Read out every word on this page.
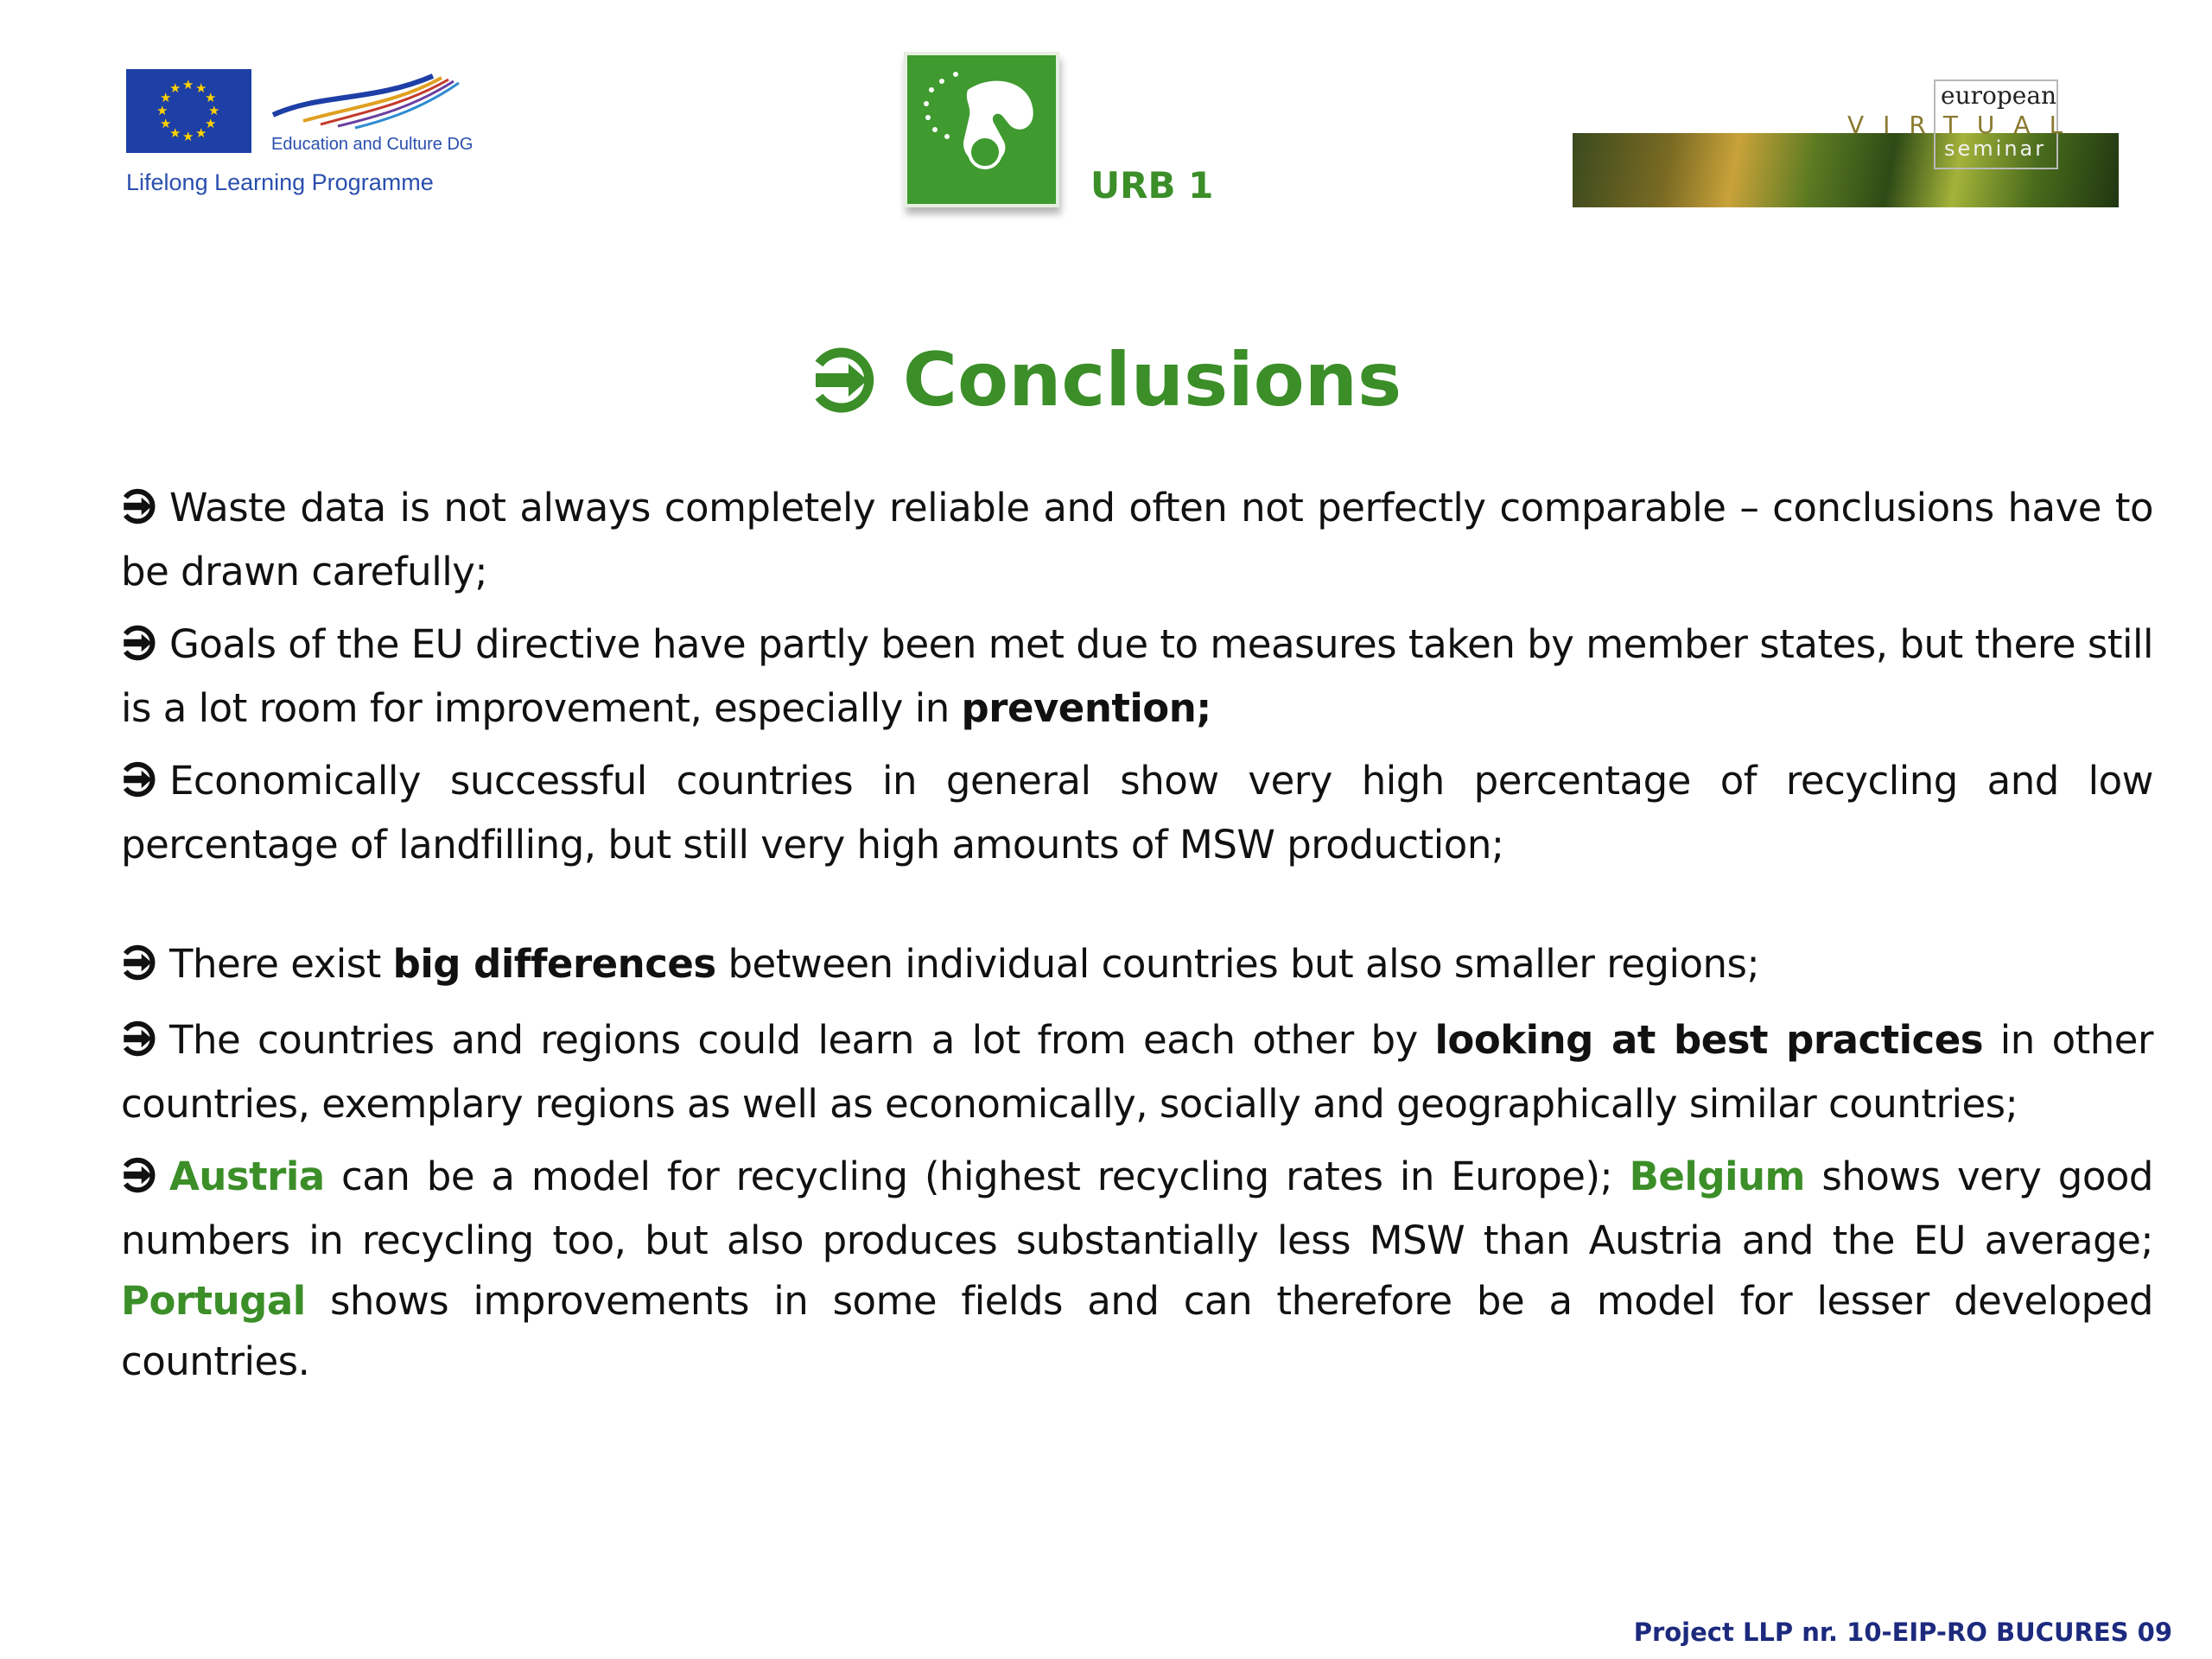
★
★
★
★
★
★
★
★
★ ★ ★
★
Education and Culture DG
Lifelong Learning Programme	URB 1
european
VIRTUAL
seminar
Conclusions

Waste data is not always completely reliable and often not perfectly comparable – conclusions have to be drawn carefully;

Goals of the EU directive have partly been met due to measures taken by member states, but there still is a lot room for improvement, especially in prevention;

Economically successful countries in general show very high percentage of recycling and low percentage of landfilling, but still very high amounts of MSW production;

There exist big differences between individual countries but also smaller regions;

The countries and regions could learn a lot from each other by looking at best practices in other countries, exemplary regions as well as economically, socially and geographically similar countries;

Austria can be a model for recycling (highest recycling rates in Europe); Belgium shows very good numbers in recycling too, but also produces substantially less MSW than Austria and the EU average; Portugal shows improvements in some fields and can therefore be a model for lesser developed countries.

Project LLP nr. 10-EIP-RO BUCURES 09
